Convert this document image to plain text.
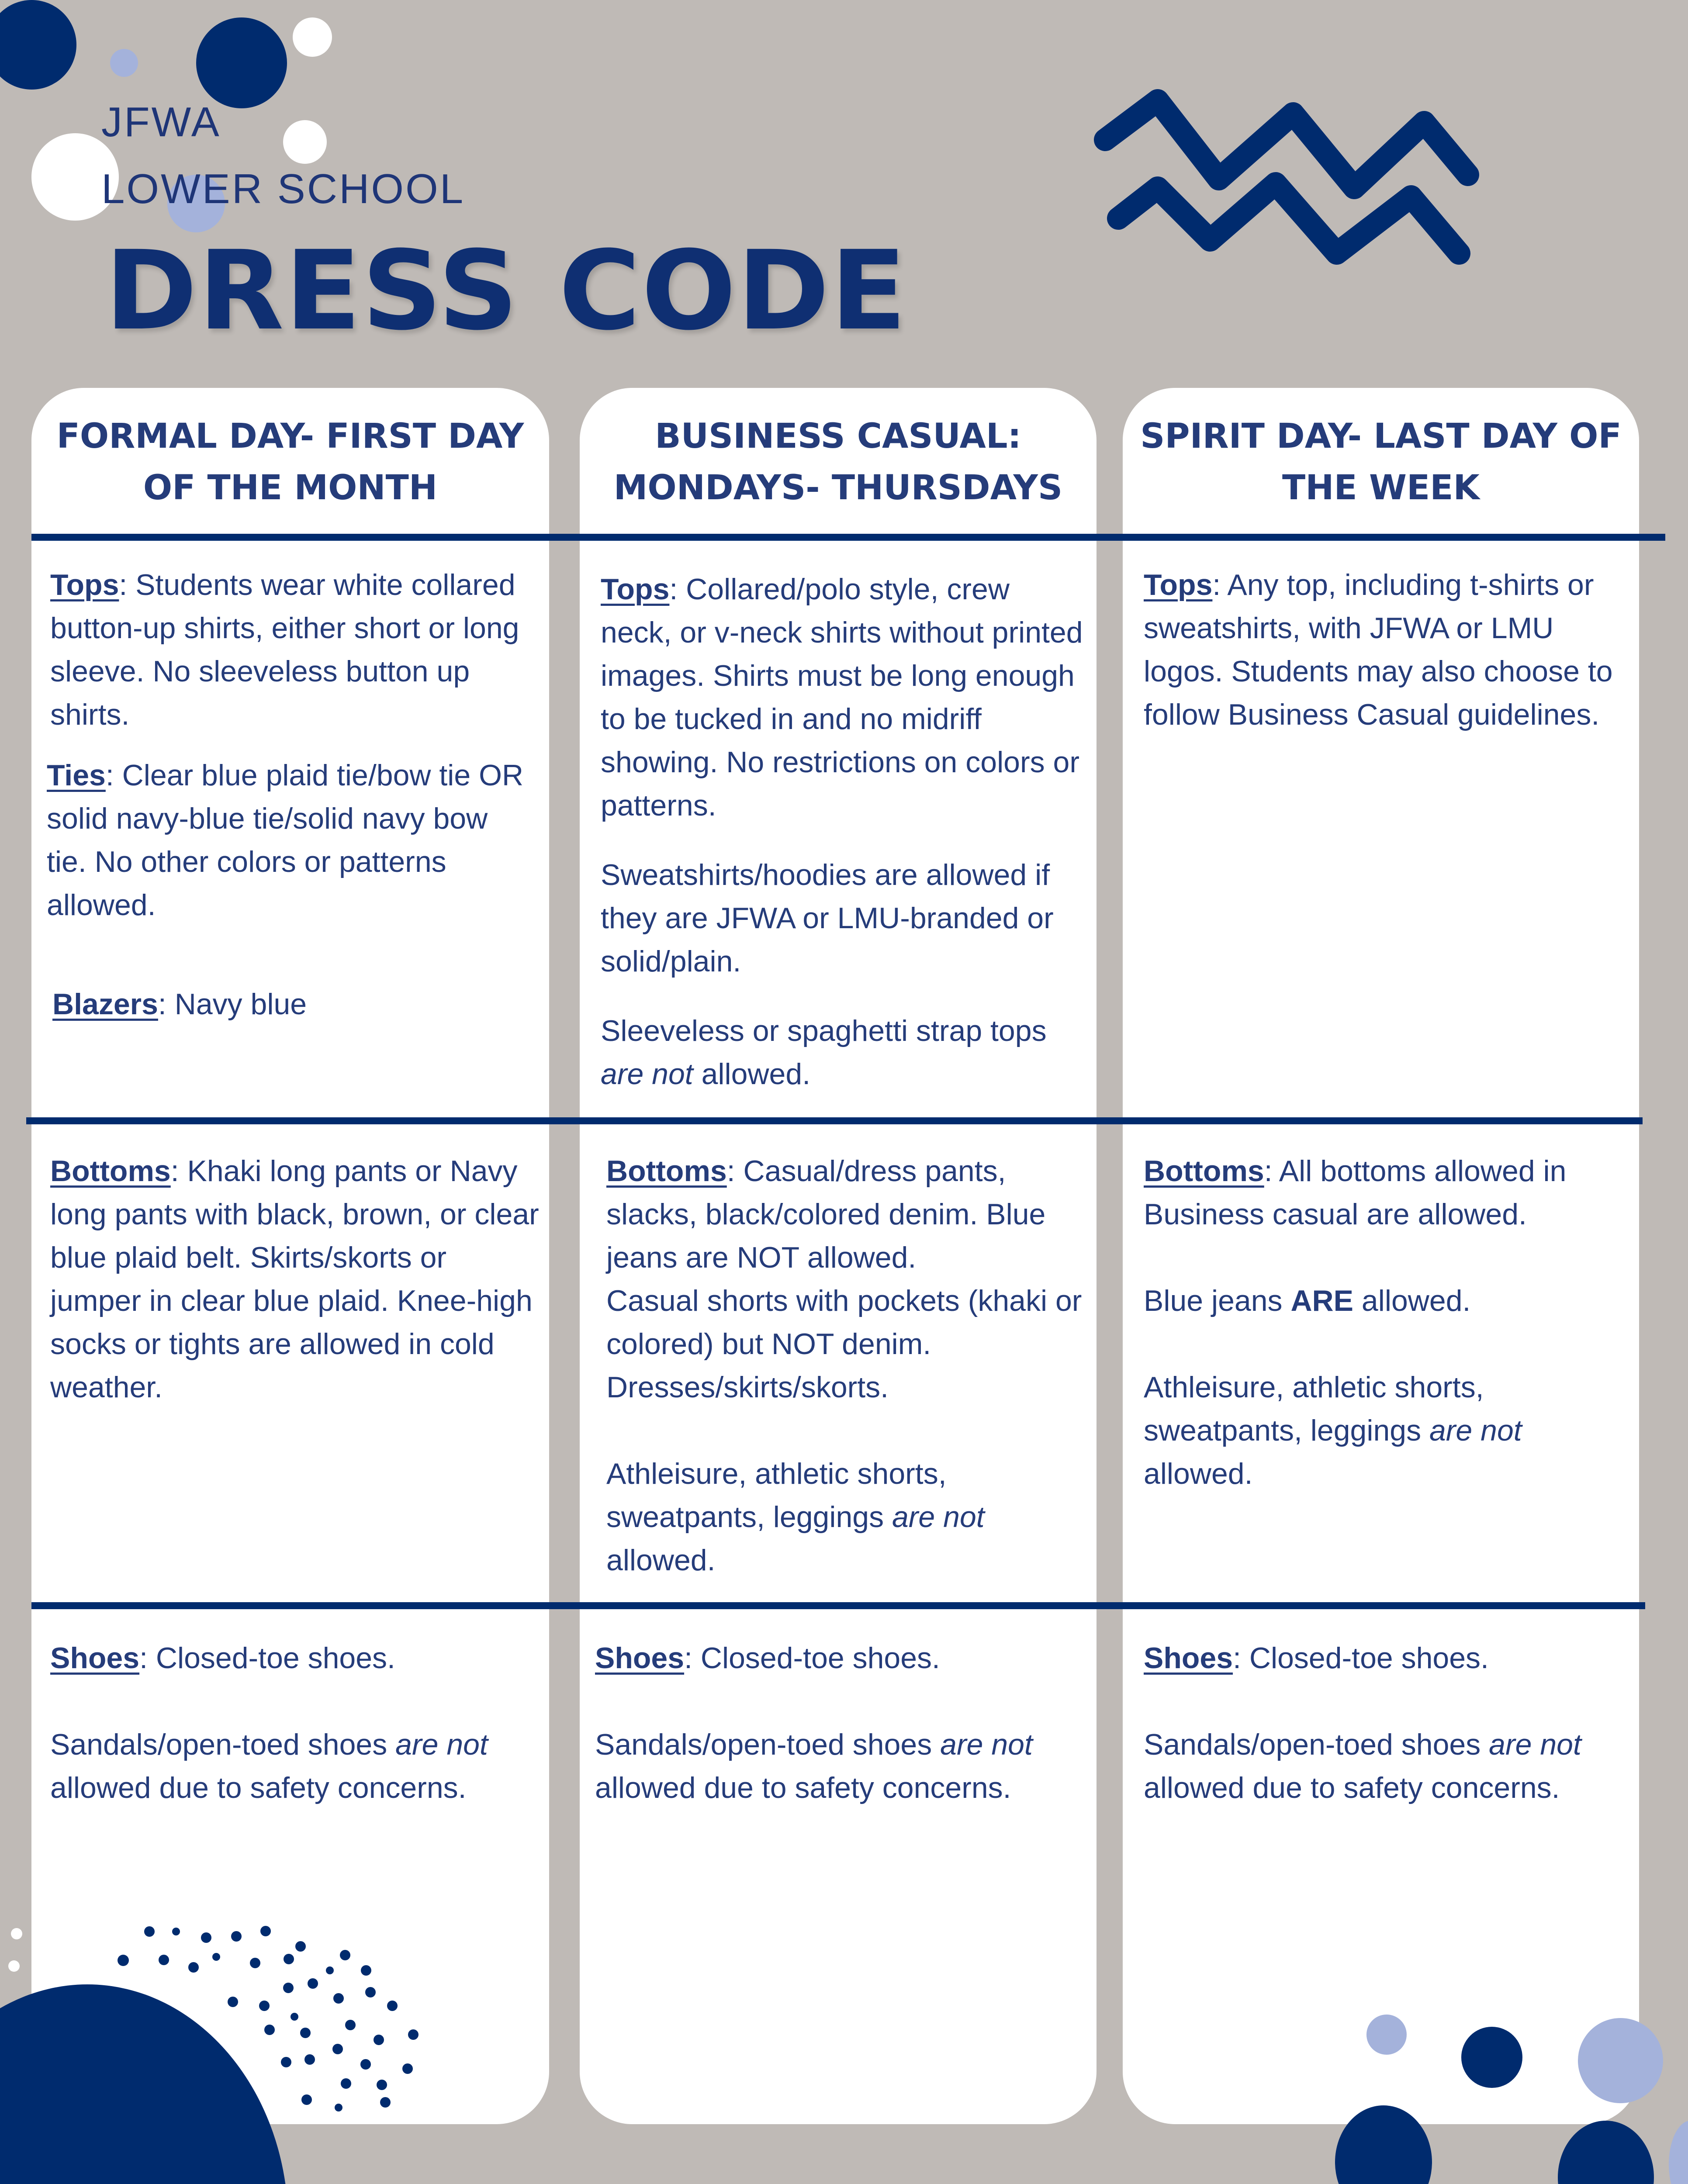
JFWA
LOWER SCHOOL
DRESS CODE
FORMAL DAY- FIRST DAY OF THE MONTH
BUSINESS CASUAL: MONDAYS- THURSDAYS
SPIRIT DAY- LAST DAY OF THE WEEK

Tops: Students wear white collared button-up shirts, either short or long sleeve. No sleeveless button up shirts.

Ties: Clear blue plaid tie/bow tie OR solid navy-blue tie/solid navy bow tie. No other colors or patterns allowed.

Blazers: Navy blue

Bottoms: Khaki long pants or Navy long pants with black, brown, or clear blue plaid belt. Skirts/skorts or jumper in clear blue plaid. Knee-high socks or tights are allowed in cold weather.

Shoes: Closed-toe shoes.

Sandals/open-toed shoes are not allowed due to safety concerns.

Tops: Collared/polo style, crew neck, or v-neck shirts without printed images. Shirts must be long enough to be tucked in and no midriff showing. No restrictions on colors or patterns.

Sweatshirts/hoodies are allowed if they are JFWA or LMU-branded or solid/plain.

Sleeveless or spaghetti strap tops are not allowed.

Bottoms: Casual/dress pants, slacks, black/colored denim. Blue jeans are NOT allowed.

Casual shorts with pockets (khaki or colored) but NOT denim.

Dresses/skirts/skorts.

Athleisure, athletic shorts, sweatpants, leggings are not allowed.

Shoes: Closed-toe shoes.

Sandals/open-toed shoes are not allowed due to safety concerns.

Tops: Any top, including t-shirts or sweatshirts, with JFWA or LMU logos. Students may also choose to follow Business Casual guidelines.

Bottoms: All bottoms allowed in Business casual are allowed.

Blue jeans ARE allowed.

Athleisure, athletic shorts, sweatpants, leggings are not allowed.

Shoes: Closed-toe shoes.

Sandals/open-toed shoes are not allowed due to safety concerns.
